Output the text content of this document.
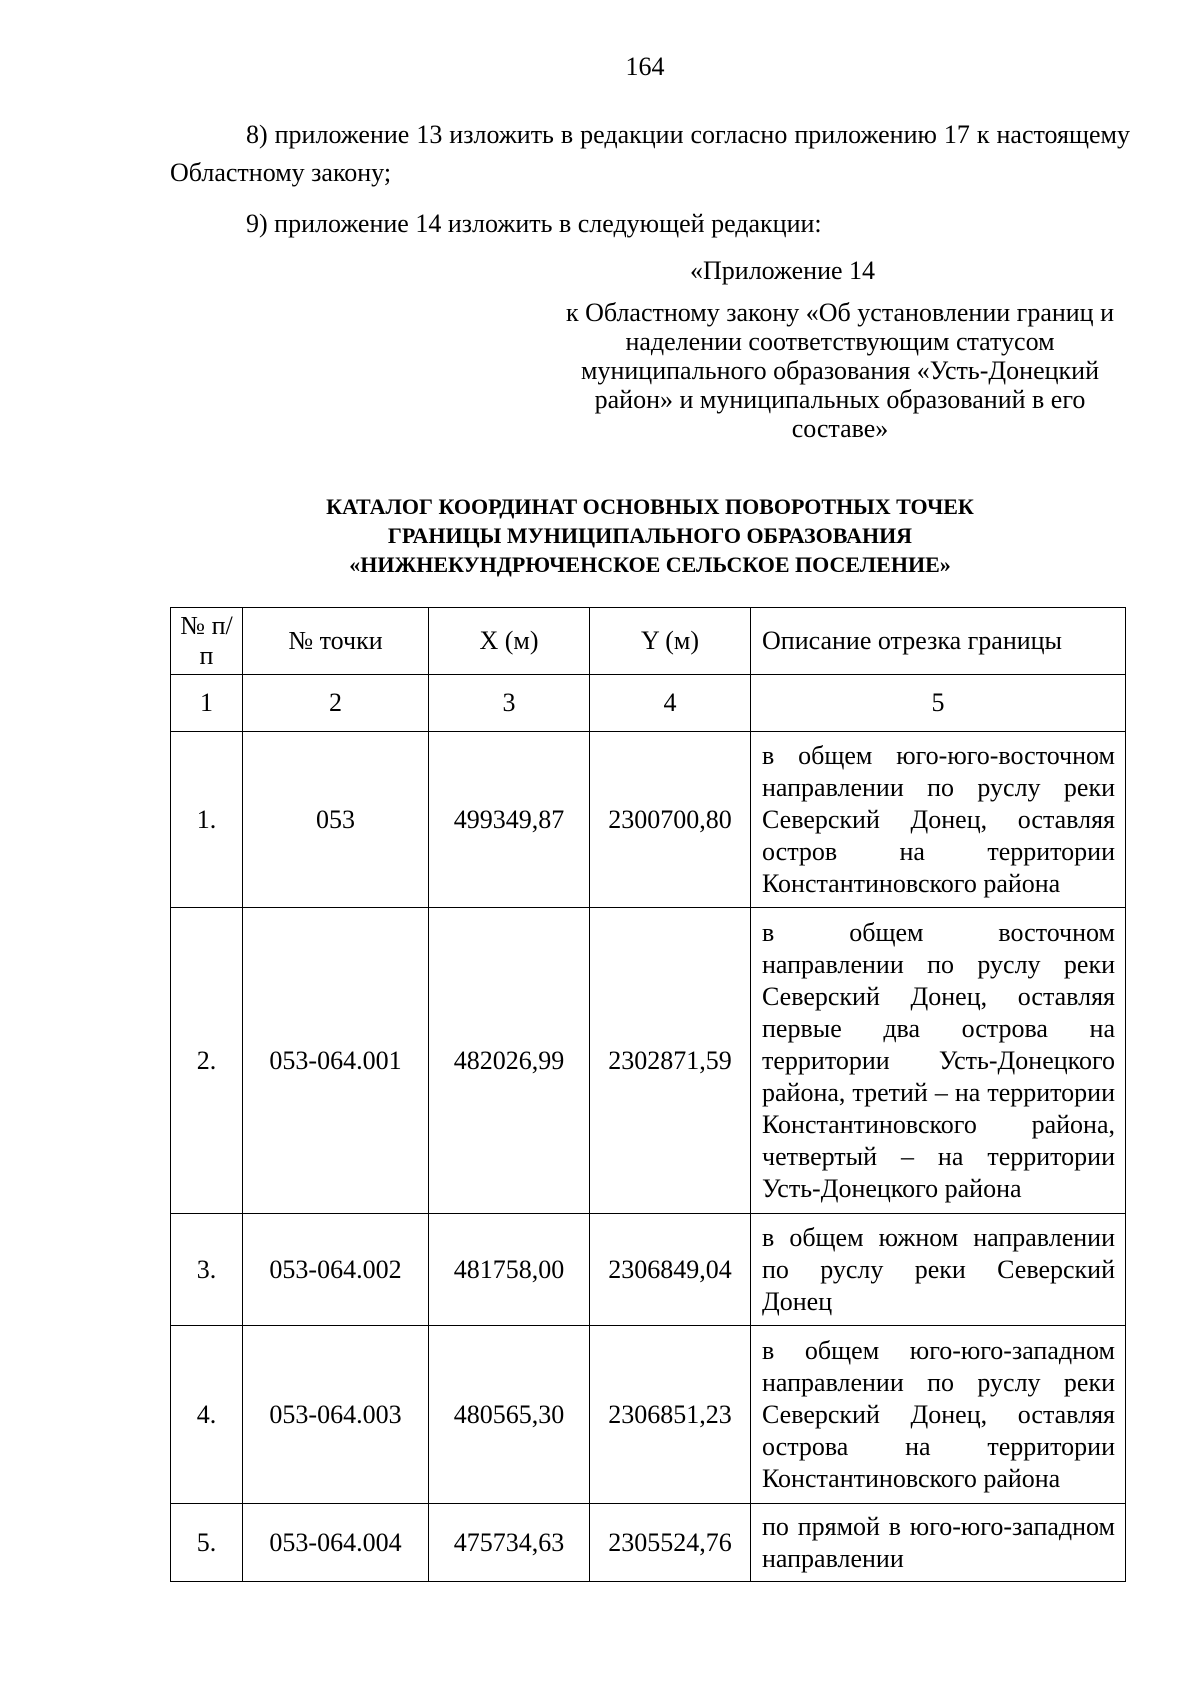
164
8) приложение 13 изложить в редакции согласно приложению 17 к настоящему Областному закону;
9) приложение 14 изложить в следующей редакции:
«Приложение 14
к Областному закону «Об установлении границ и наделении соответствующим статусом муниципального образования «Усть-Донецкий район» и муниципальных образований в его составе»
КАТАЛОГ КООРДИНАТ ОСНОВНЫХ ПОВОРОТНЫХ ТОЧЕК
ГРАНИЦЫ МУНИЦИПАЛЬНОГО ОБРАЗОВАНИЯ
«НИЖНЕКУНДРЮЧЕНСКОЕ СЕЛЬСКОЕ ПОСЕЛЕНИЕ»
№ п/п	№ точки	X (м)	Y (м)	Описание отрезка границы
1	2	3	4	5
1.	053	499349,87	2300700,80	в общем юго-юго-восточном направлении по руслу реки Северский Донец, оставляя остров на территории Константиновского района
2.	053-064.001	482026,99	2302871,59	в общем восточном направлении по руслу реки Северский Донец, оставляя первые два острова на территории Усть-Донецкого района, третий – на территории Константиновского района, четвертый – на территории Усть-Донецкого района
3.	053-064.002	481758,00	2306849,04	в общем южном направлении по руслу реки Северский Донец
4.	053-064.003	480565,30	2306851,23	в общем юго-юго-западном направлении по руслу реки Северский Донец, оставляя острова на территории Константиновского района
5.	053-064.004	475734,63	2305524,76	по прямой в юго-юго-западном направлении
